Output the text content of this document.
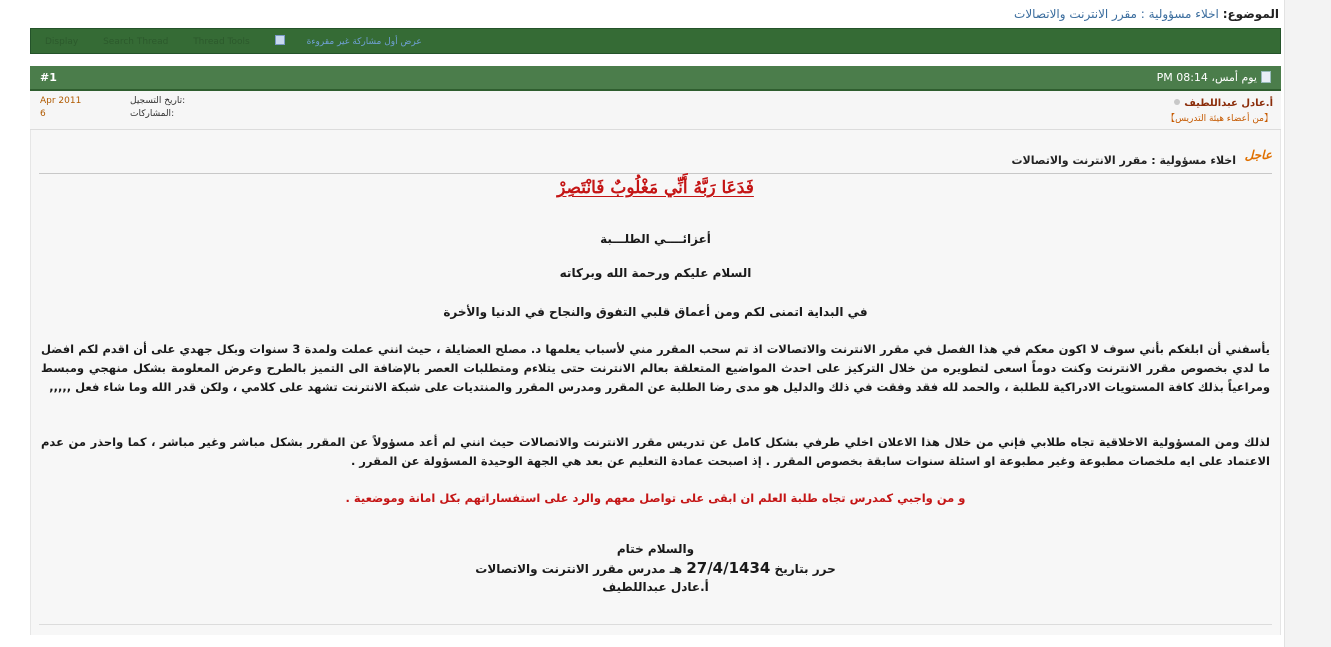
الموضوع: اخلاء مسؤولية : مقرر الانترنت والاتصالات
Display	Search Thread	Thread Tools	عرض أول مشاركة غير مقروءة
#1	يوم أمس، 08:14 PM
Apr 2011	تاريخ التسجيل:
6	المشاركات:
أ.عادل عبداللطيف
【من أعضاء هيئة التدريس】
عاجل
اخلاء مسؤولية : مقرر الانترنت والاتصالات
فَدَعَا رَبَّهُ أَنِّي مَغْلُوبٌ فَانْتَصِرْ
أعزائــــي الطلـــبة
السلام عليكم ورحمة الله وبركاته
في البداية اتمنى لكم ومن أعماق قلبي التفوق والنجاح في الدنيا والأخرة
يأسفني أن ابلغكم بأني سوف لا اكون معكم في هذا الفصل في مقرر الانترنت والاتصالات اذ تم سحب المقرر مني لأسباب يعلمها د. مصلح العضايلة ، حيث انني عملت ولمدة 3 سنوات وبكل جهدي على أن اقدم لكم افضل ما لدي بخصوص مقرر الانترنت وكنت دوماً اسعى لتطويره من خلال التركيز على احدث المواضيع المتعلقة بعالم الانترنت حتى يتلاءم ومتطلبات العصر بالإضافة الى التميز بالطرح وعرض المعلومة بشكل منهجي ومبسط ومراعياً بذلك كافة المستويات الادراكية للطلبة ، والحمد لله فقد وفقت في ذلك والدليل هو مدى رضا الطلبة عن المقرر ومدرس المقرر والمنتديات على شبكة الانترنت تشهد على كلامي ، ولكن قدر الله وما شاء فعل ,,,,,
لذلك ومن المسؤولية الاخلاقية تجاه طلابي فإني من خلال هذا الاعلان اخلي طرفي بشكل كامل عن تدريس مقرر الانترنت والاتصالات حيث انني لم أعد مسؤولاً عن المقرر بشكل مباشر وغير مباشر ، كما واحذر من عدم الاعتماد على ايه ملخصات مطبوعة وغير مطبوعة او اسئلة سنوات سابقة بخصوص المقرر . إذ اصبحت عمادة التعليم عن بعد هي الجهة الوحيدة المسؤولة عن المقرر .
و من واجبي كمدرس تجاه طلبة العلم ان ابقى على تواصل معهم والرد على استفساراتهم بكل امانة وموضعية .
والسلام ختام
حرر بتاريخ 27/4/1434 هـ مدرس مقرر الانترنت والاتصالات
أ.عادل عبداللطيف
